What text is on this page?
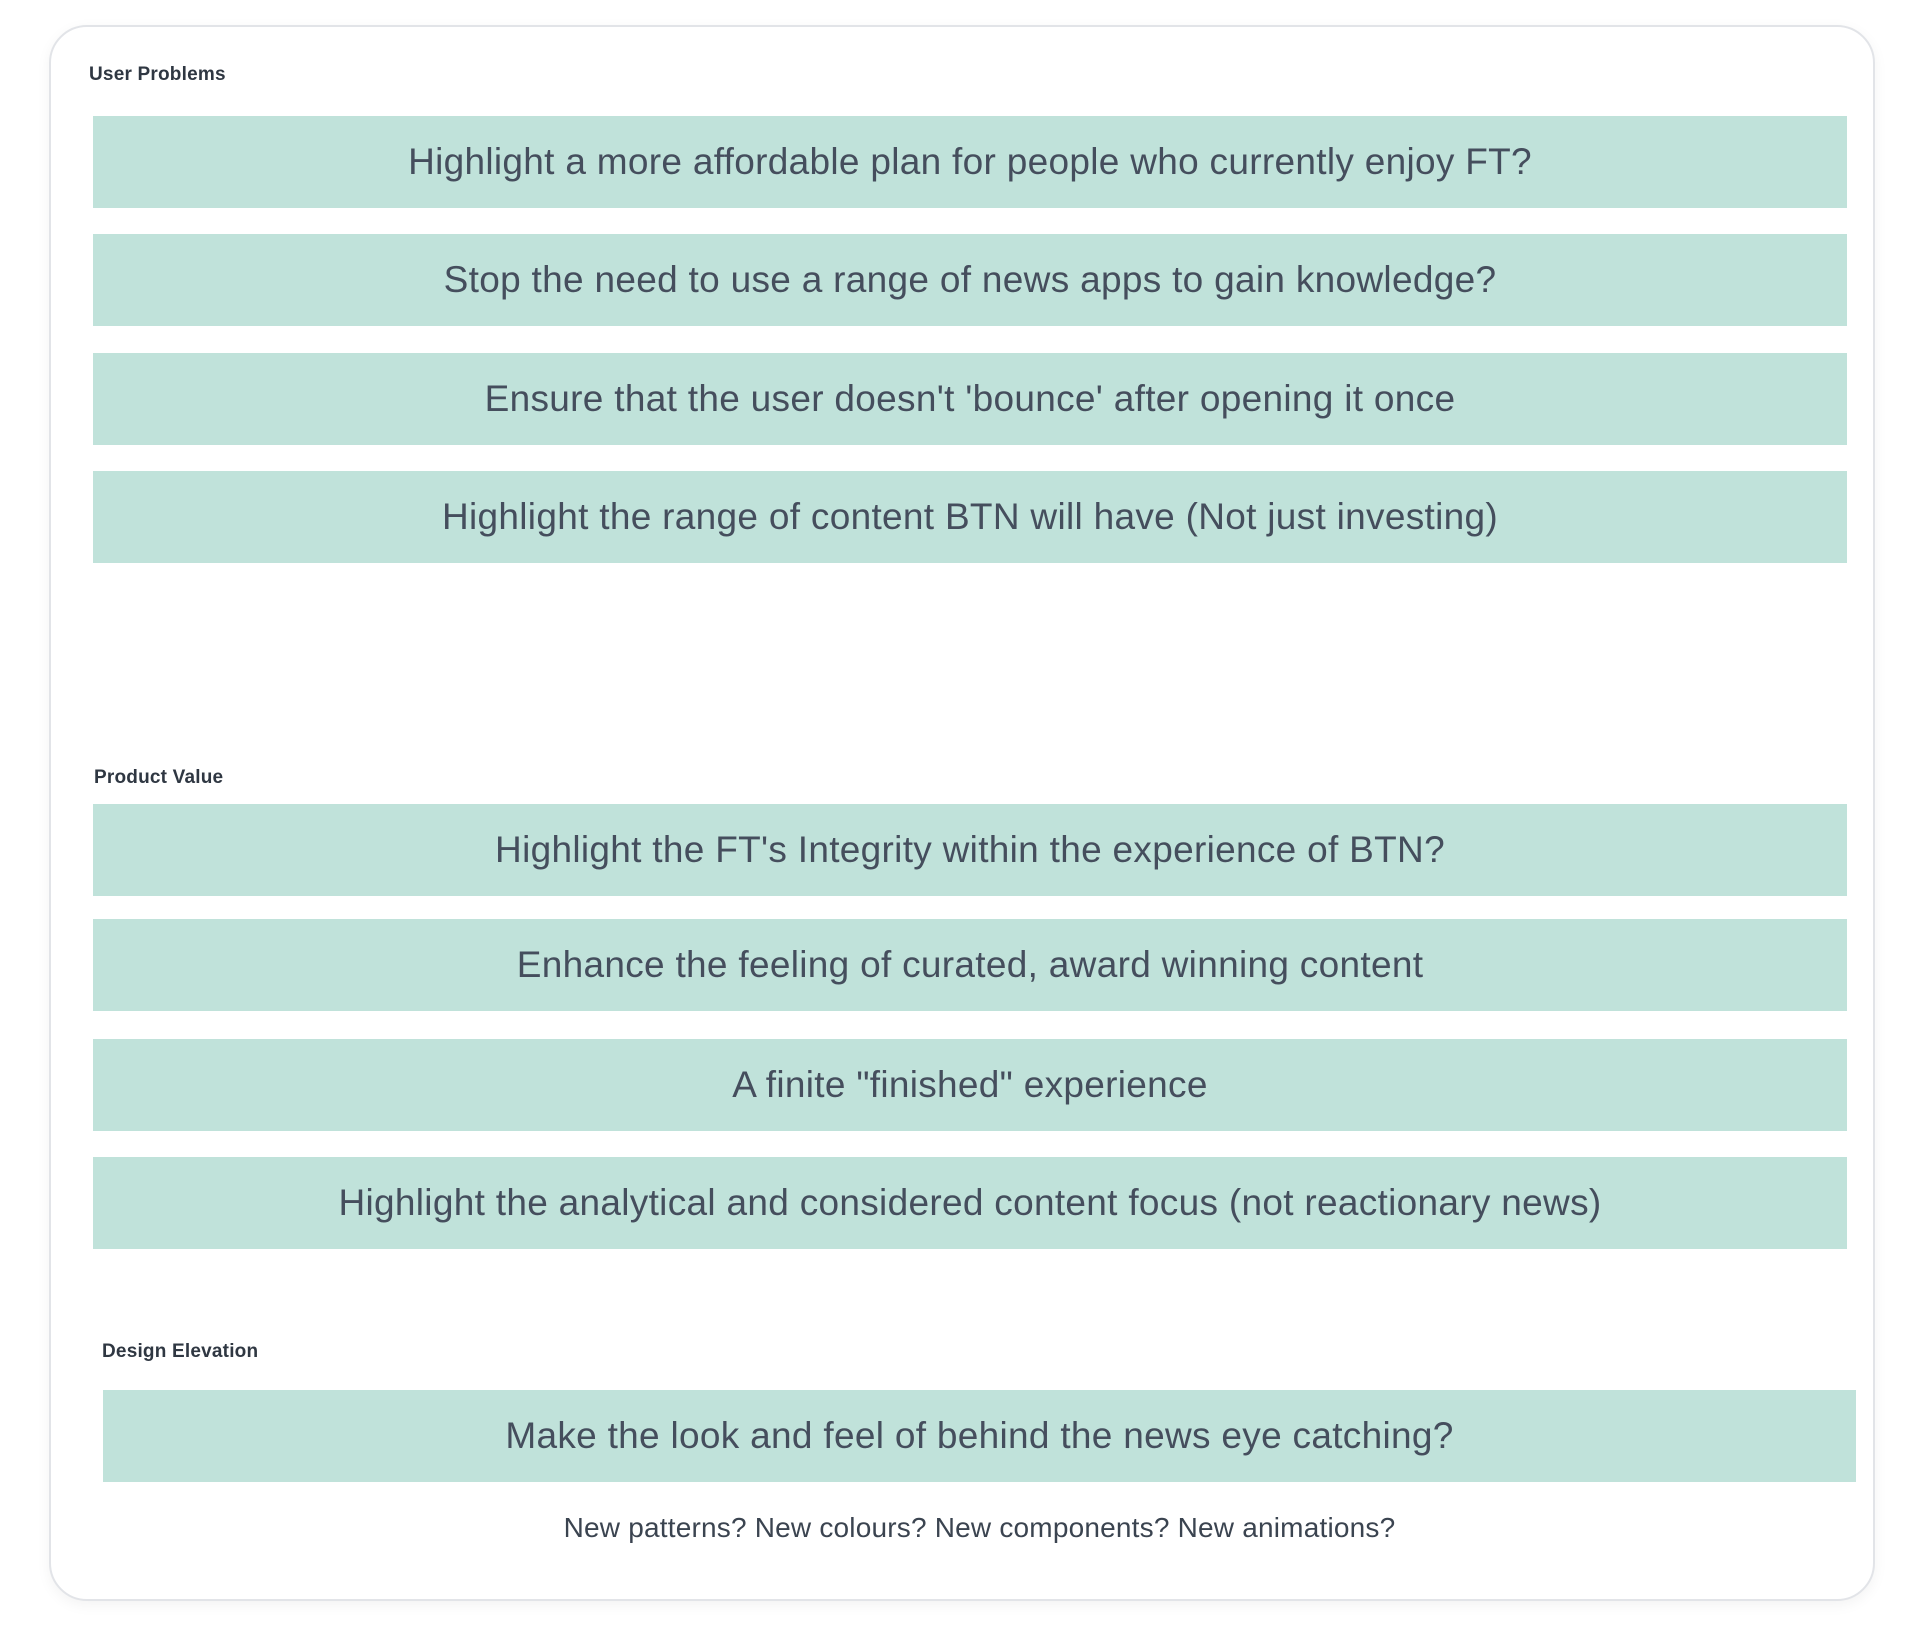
User Problems
Highlight a more affordable plan for people who currently enjoy FT?
Stop the need to use a range of news apps to gain knowledge?
Ensure that the user doesn't 'bounce' after opening it once
Highlight the range of content BTN will have (Not just investing)
Product Value
Highlight the FT's Integrity within the experience of BTN?
Enhance the feeling of curated, award winning content
A finite "finished" experience
Highlight the analytical and considered content focus (not reactionary news)
Design Elevation
Make the look and feel of behind the news eye catching?
New patterns? New colours? New components? New animations?
